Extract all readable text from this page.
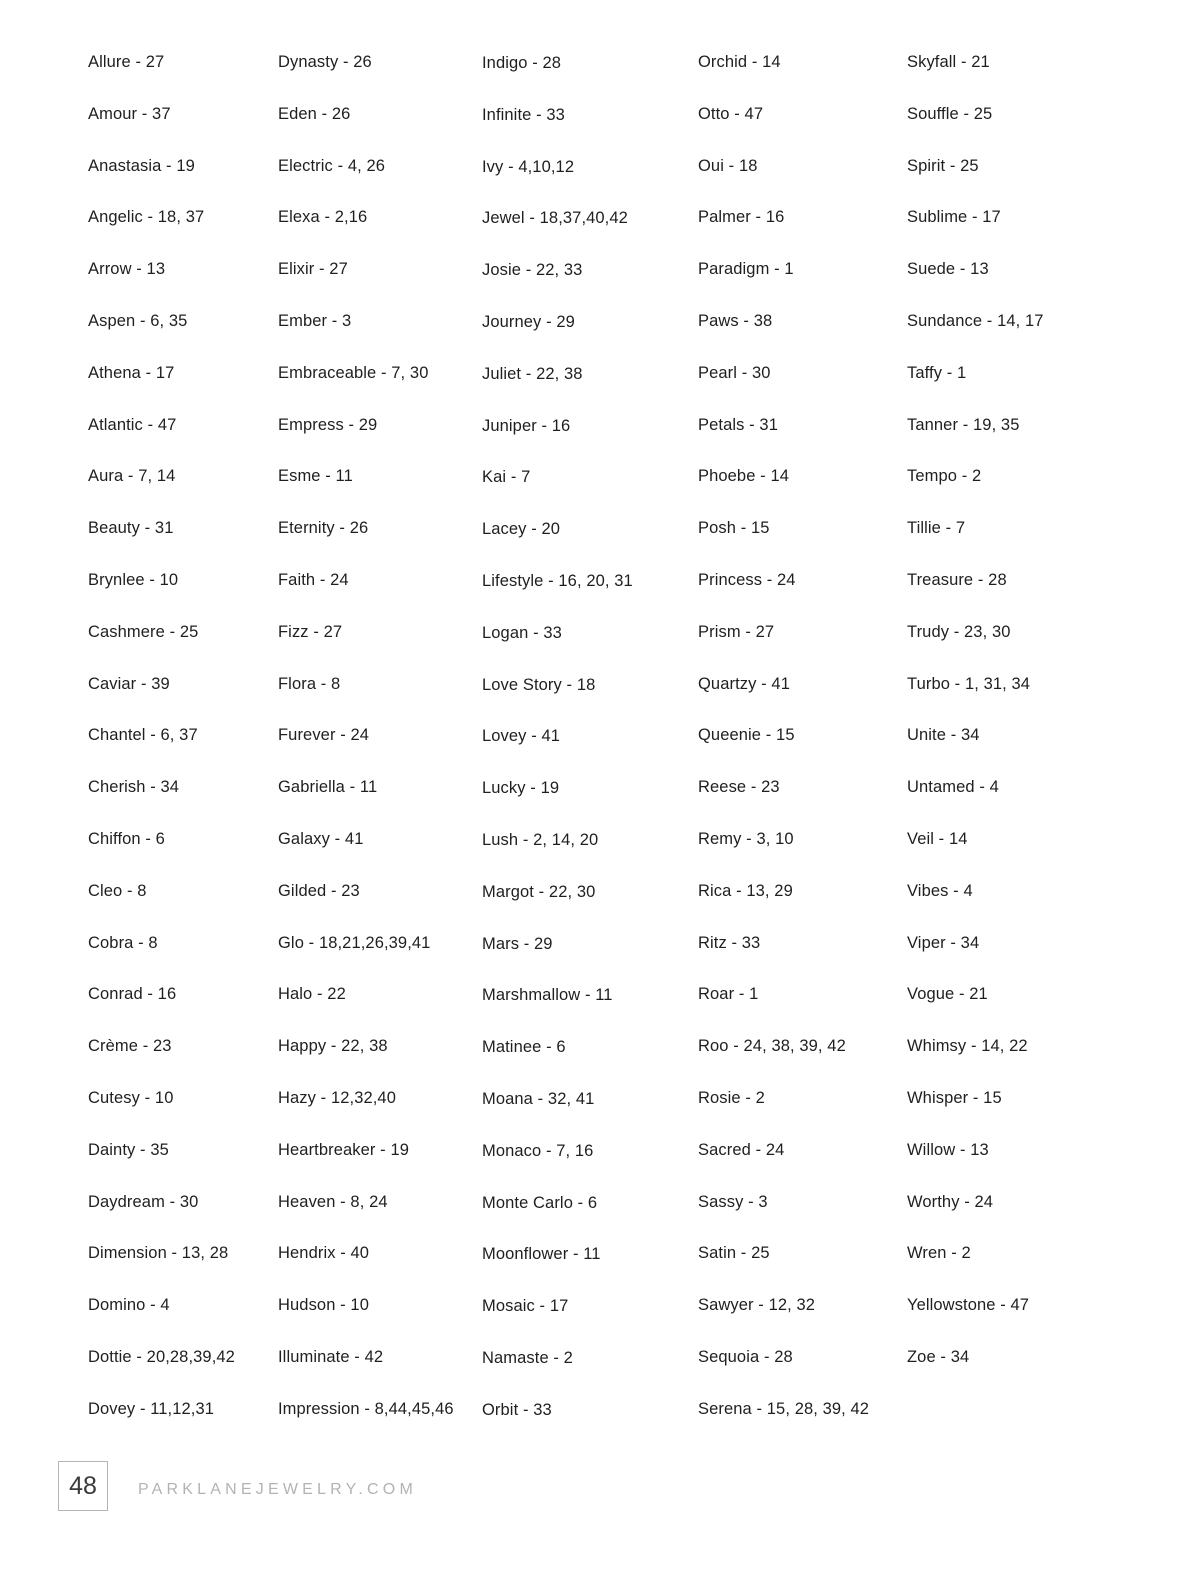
Allure - 27
Amour - 37
Anastasia - 19
Angelic - 18, 37
Arrow - 13
Aspen - 6, 35
Athena - 17
Atlantic - 47
Aura - 7, 14
Beauty - 31
Brynlee - 10
Cashmere - 25
Caviar - 39
Chantel - 6, 37
Cherish - 34
Chiffon - 6
Cleo - 8
Cobra - 8
Conrad - 16
Crème - 23
Cutesy - 10
Dainty - 35
Daydream - 30
Dimension - 13, 28
Domino - 4
Dottie - 20,28,39,42
Dovey - 11,12,31
Dynasty - 26
Eden - 26
Electric - 4, 26
Elexa - 2,16
Elixir - 27
Ember - 3
Embraceable - 7, 30
Empress - 29
Esme - 11
Eternity - 26
Faith - 24
Fizz - 27
Flora - 8
Furever - 24
Gabriella - 11
Galaxy - 41
Gilded - 23
Glo - 18,21,26,39,41
Halo - 22
Happy - 22, 38
Hazy - 12,32,40
Heartbreaker - 19
Heaven - 8, 24
Hendrix - 40
Hudson - 10
Illuminate - 42
Impression - 8,44,45,46
Indigo - 28
Infinite - 33
Ivy - 4,10,12
Jewel - 18,37,40,42
Josie - 22, 33
Journey - 29
Juliet - 22, 38
Juniper - 16
Kai - 7
Lacey - 20
Lifestyle - 16, 20, 31
Logan - 33
Love Story - 18
Lovey - 41
Lucky - 19
Lush - 2, 14, 20
Margot - 22, 30
Mars - 29
Marshmallow - 11
Matinee - 6
Moana - 32, 41
Monaco - 7, 16
Monte Carlo - 6
Moonflower - 11
Mosaic - 17
Namaste - 2
Orbit - 33
Orchid - 14
Otto - 47
Oui - 18
Palmer - 16
Paradigm - 1
Paws - 38
Pearl - 30
Petals - 31
Phoebe - 14
Posh - 15
Princess - 24
Prism - 27
Quartzy - 41
Queenie - 15
Reese - 23
Remy - 3, 10
Rica - 13, 29
Ritz - 33
Roar - 1
Roo - 24, 38, 39, 42
Rosie - 2
Sacred - 24
Sassy - 3
Satin - 25
Sawyer - 12, 32
Sequoia - 28
Serena - 15, 28, 39, 42
Skyfall - 21
Souffle - 25
Spirit - 25
Sublime - 17
Suede - 13
Sundance - 14, 17
Taffy - 1
Tanner - 19, 35
Tempo - 2
Tillie - 7
Treasure - 28
Trudy - 23, 30
Turbo - 1, 31, 34
Unite - 34
Untamed - 4
Veil - 14
Vibes - 4
Viper - 34
Vogue - 21
Whimsy - 14, 22
Whisper - 15
Willow - 13
Worthy - 24
Wren - 2
Yellowstone - 47
Zoe - 34
48	PARKLANEJEWELRY.COM
